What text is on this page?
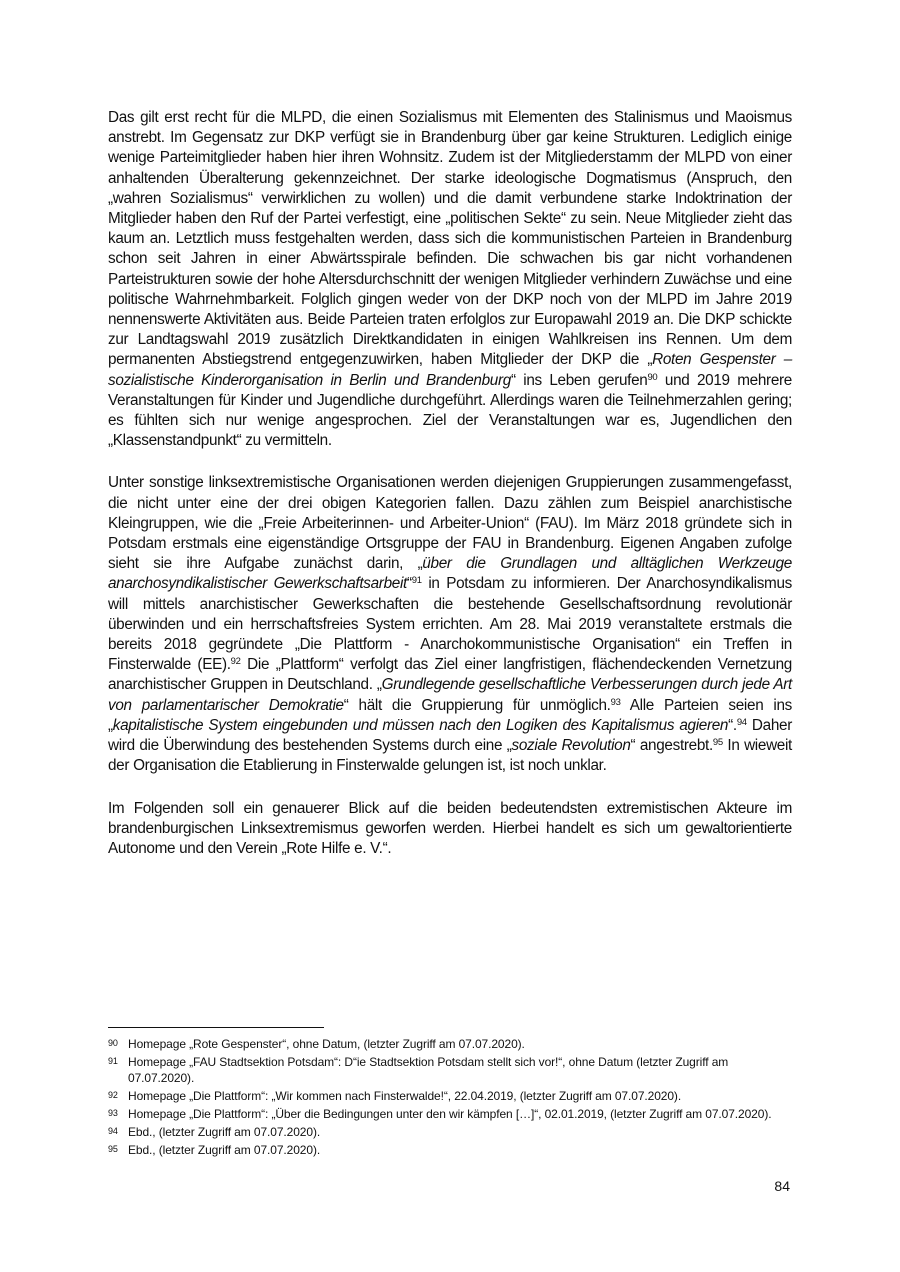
Das gilt erst recht für die MLPD, die einen Sozialismus mit Elementen des Stalinismus und Maoismus anstrebt. Im Gegensatz zur DKP verfügt sie in Brandenburg über gar keine Strukturen. Lediglich einige wenige Parteimitglieder haben hier ihren Wohnsitz. Zudem ist der Mitgliederstamm der MLPD von einer anhaltenden Überalterung gekennzeichnet. Der starke ideologische Dogmatismus (Anspruch, den „wahren Sozialismus“ verwirklichen zu wollen) und die damit verbundene starke Indoktrination der Mitglieder haben den Ruf der Partei verfestigt, eine „politischen Sekte“ zu sein. Neue Mitglieder zieht das kaum an. Letztlich muss festgehalten werden, dass sich die kommunistischen Parteien in Brandenburg schon seit Jahren in einer Abwärtsspirale befinden. Die schwachen bis gar nicht vorhandenen Parteistrukturen sowie der hohe Altersdurchschnitt der wenigen Mitglieder verhindern Zuwächse und eine politische Wahrnehmbarkeit. Folglich gingen weder von der DKP noch von der MLPD im Jahre 2019 nennenswerte Aktivitäten aus. Beide Parteien traten erfolglos zur Europawahl 2019 an. Die DKP schickte zur Landtagswahl 2019 zusätzlich Direktkandidaten in einigen Wahlkreisen ins Rennen. Um dem permanenten Abstiegstrend entgegenzuwirken, haben Mitglieder der DKP die „Roten Gespenster – sozialistische Kinderorganisation in Berlin und Brandenburg“ ins Leben gerufen$^{90}$ und 2019 mehrere Veranstaltungen für Kinder und Jugendliche durchgeführt. Allerdings waren die Teilnehmerzahlen gering; es fühlten sich nur wenige angesprochen. Ziel der Veranstaltungen war es, Jugendlichen den „Klassenstandpunkt“ zu vermitteln.

Unter sonstige linksextremistische Organisationen werden diejenigen Gruppierungen zusammengefasst, die nicht unter eine der drei obigen Kategorien fallen. Dazu zählen zum Beispiel anarchistische Kleingruppen, wie die „Freie Arbeiterinnen- und Arbeiter-Union“ (FAU). Im März 2018 gründete sich in Potsdam erstmals eine eigenständige Ortsgruppe der FAU in Brandenburg. Eigenen Angaben zufolge sieht sie ihre Aufgabe zunächst darin, „über die Grundlagen und alltäglichen Werkzeuge anarchosyndikalistischer Gewerkschaftsarbeit“$^{91}$ in Potsdam zu informieren. Der Anarchosyndikalismus will mittels anarchistischer Gewerkschaften die bestehende Gesellschaftsordnung revolutionär überwinden und ein herrschaftsfreies System errichten. Am 28. Mai 2019 veranstaltete erstmals die bereits 2018 gegründete „Die Plattform - Anarchokommunistische Organisation“ ein Treffen in Finsterwalde (EE).$^{92}$ Die „Plattform“ verfolgt das Ziel einer langfristigen, flächendeckenden Vernetzung anarchistischer Gruppen in Deutschland. „Grundlegende gesellschaftliche Verbesserungen durch jede Art von parlamentarischer Demokratie“ hält die Gruppierung für unmöglich.$^{93}$ Alle Parteien seien ins „kapitalistische System eingebunden und müssen nach den Logiken des Kapitalismus agieren“.$^{94}$ Daher wird die Überwindung des bestehenden Systems durch eine „soziale Revolution“ angestrebt.$^{95}$ In wieweit der Organisation die Etablierung in Finsterwalde gelungen ist, ist noch unklar.

Im Folgenden soll ein genauerer Blick auf die beiden bedeutendsten extremistischen Akteure im brandenburgischen Linksextremismus geworfen werden. Hierbei handelt es sich um gewaltorientierte Autonome und den Verein „Rote Hilfe e. V.“.

90 Homepage „Rote Gespenster“, ohne Datum, (letzter Zugriff am 07.07.2020).
91 Homepage „FAU Stadtsektion Potsdam“: D“ie Stadtsektion Potsdam stellt sich vor!“, ohne Datum (letzter Zugriff am 07.07.2020).
92 Homepage „Die Plattform“: „Wir kommen nach Finsterwalde!“, 22.04.2019, (letzter Zugriff am 07.07.2020).
93 Homepage „Die Plattform“: „Über die Bedingungen unter den wir kämpfen […]“, 02.01.2019, (letzter Zugriff am 07.07.2020).
94 Ebd., (letzter Zugriff am 07.07.2020).
95 Ebd., (letzter Zugriff am 07.07.2020).
84
